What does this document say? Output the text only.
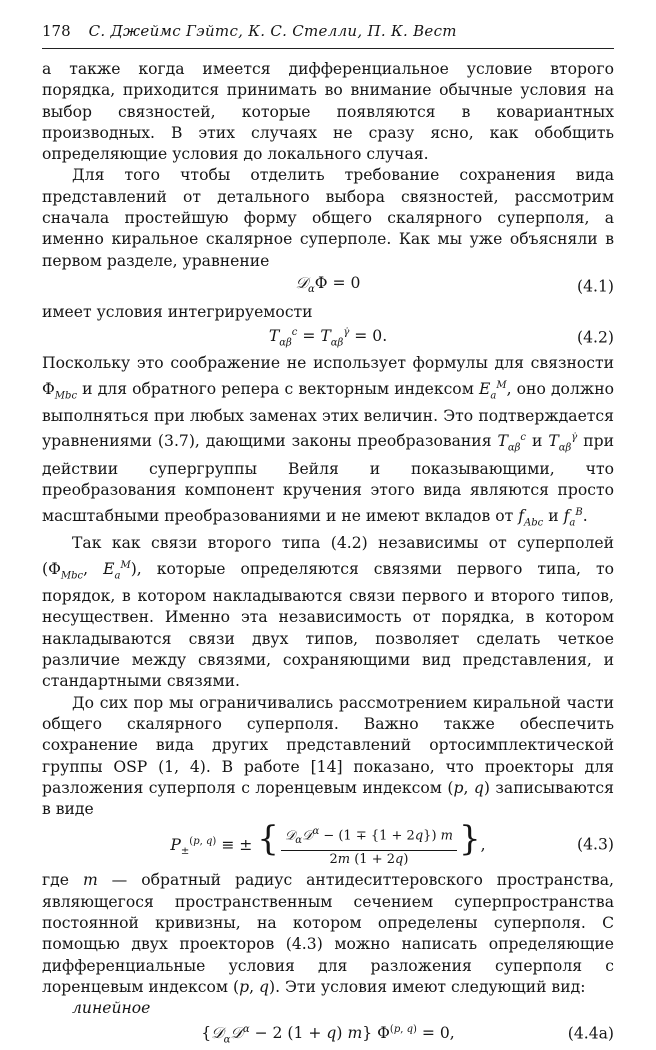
178 С. Джеймс Гэйтс, К. С. Стелли, П. К. Вест

а также когда имеется дифференциальное условие второго порядка, приходится принимать во внимание обычные условия на выбор связностей, которые появляются в ковариантных производных. В этих случаях не сразу ясно, как обобщить определяющие условия до локального случая.

Для того чтобы отделить требование сохранения вида представлений от детального выбора связностей, рассмотрим сначала простейшую форму общего скалярного суперполя, а именно киральное скалярное суперполе. Как мы уже объясняли в первом разделе, уравнение

𝒟$_\alpha$Φ = 0	(4.1)

имеет условия интегрируемости

$T_{\alpha\beta}^c = T_{\alpha\beta}^{\gammȧ} = 0$.	(4.2)

Поскольку это соображение не использует формулы для связности $\Phi_{Mbc}$ и для обратного репера с векторным индексом $E_a^M$, оно должно выполняться при любых заменах этих величин. Это подтверждается уравнениями (3.7), дающими законы преобразования $T_{\alpha\beta}^c$ и $T_{\alpha\beta}^{\gammȧ}$ при действии супергруппы Вейля и показывающими, что преобразования компонент кручения этого вида являются просто масштабными преобразованиями и не имеют вкладов от $f_{Abc}$ и $f_a^B$.

Так как связи второго типа (4.2) независимы от суперполей ($\Phi_{Mbc}$, $E_a^M$), которые определяются связями первого типа, то порядок, в котором накладываются связи первого и второго типов, несуществен. Именно эта независимость от порядка, в котором накладываются связи двух типов, позволяет сделать четкое различие между связями, сохраняющими вид представления, и стандартными связями.

До сих пор мы ограничивались рассмотрением киральной части общего скалярного суперполя. Важно также обеспечить сохранение вида других представлений ортосимплектической группы OSP (1, 4). В работе [14] показано, что проекторы для разложения суперполя с лоренцевым индексом (p, q) записываются в виде

$P_\pm^{(p, q)}$ ≡ ± { $\frac{𝒟_\alpha 𝒟^\alpha - (1 \mp \{1 + 2q\}) m}{2m (1 + 2q)}$ },	(4.3)

где m — обратный радиус антидеситтеровского пространства, являющегося пространственным сечением суперпространства постоянной кривизны, на котором определены суперполя. С помощью двух проекторов (4.3) можно написать определяющие дифференциальные условия для разложения суперполя с лоренцевым индексом (p, q). Эти условия имеют следующий вид:

линейное
{𝒟$_\alpha$𝒟$^\alpha$ − 2 (1 + q) m} Φ$^{(p, q)}$ = 0,	(4.4a)
